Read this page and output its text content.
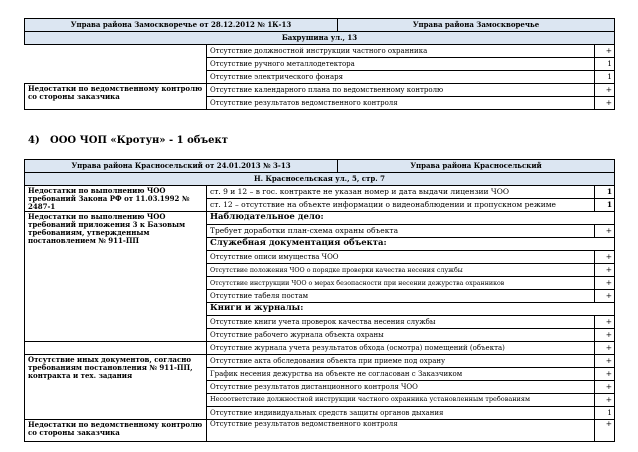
Управа района Замоскворечье от 28.12.2012 № 1К-13		Управа района Замоскворечье	
Бахрушина ул., 13			
	Отсутствие должностной инструкции частного охранника		+
	Отсутствие ручного металлодетектора		1
	Отсутствие электрического фонаря		1
Недостатки по ведомственному контролю со стороны заказчика	Отсутствие календарного плана по ведомственному контролю		+
	Отсутствие результатов ведомственного контроля		+
4) ООО ЧОП «Кротун» - 1 объект
Управа района Красносельский от 24.01.2013 № 3-13		Управа района Красносельский	
Н. Красносельская ул., 5, стр. 7			
Недостатки по выполнению ЧОО требований Закона РФ от 11.03.1992 № 2487-1	ст. 9 и 12 – в гос. контракте не указан номер и дата выдачи лицензии ЧОО		1
	ст. 12 – отсутствие на объекте информации о видеонаблюдении и пропускном режиме		1
Недостатки по выполнению ЧОО требований приложения 3 к Базовым требованиям, утвержденным постановлением № 911-ПП	Наблюдательное дело:		
	Требует доработки план-схема охраны объекта		+
	Служебная документация объекта:		
	Отсутствие описи имущества ЧОО		+
	Отсутствие положения ЧОО о порядке проверки качества несения службы		+
	Отсутствие инструкции ЧОО о мерах безопасности при несении дежурства охранников		+
	Отсутствие табеля постам		+
	Книги и журналы:		
	Отсутствие книги учета проверок качества несения службы		+
	Отсутствие рабочего журнала объекта охраны		+
	Отсутствие журнала учета результатов обхода (осмотра) помещений (объекта)		+
Отсутствие иных документов, согласно требованиям постановления № 911-ПП, контракта и тех. задания	Отсутствие акта обследования объекта при приеме под охрану		+
	График несения дежурства на объекте не согласован с Заказчиком		+
	Отсутствие результатов дистанционного контроля ЧОО		+
	Несоответствие должностной инструкции частного охранника установленным требованиям		+
	Отсутствие индивидуальных средств защиты органов дыхания		1
Недостатки по ведомственному контролю со стороны заказчика	Отсутствие результатов ведомственного контроля		+
